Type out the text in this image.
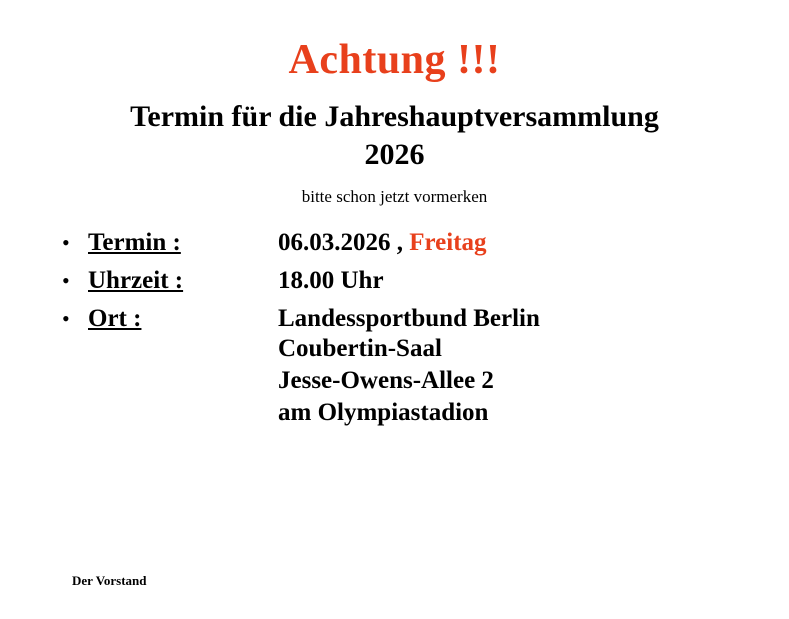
Achtung !!!
Termin für die Jahreshauptversammlung
2026
bitte schon jetzt vormerken
• Termin :	06.03.2026 , Freitag
• Uhrzeit :	18.00 Uhr
• Ort :	Landessportbund Berlin
Coubertin-Saal
Jesse-Owens-Allee 2
am Olympiastadion
Der Vorstand
